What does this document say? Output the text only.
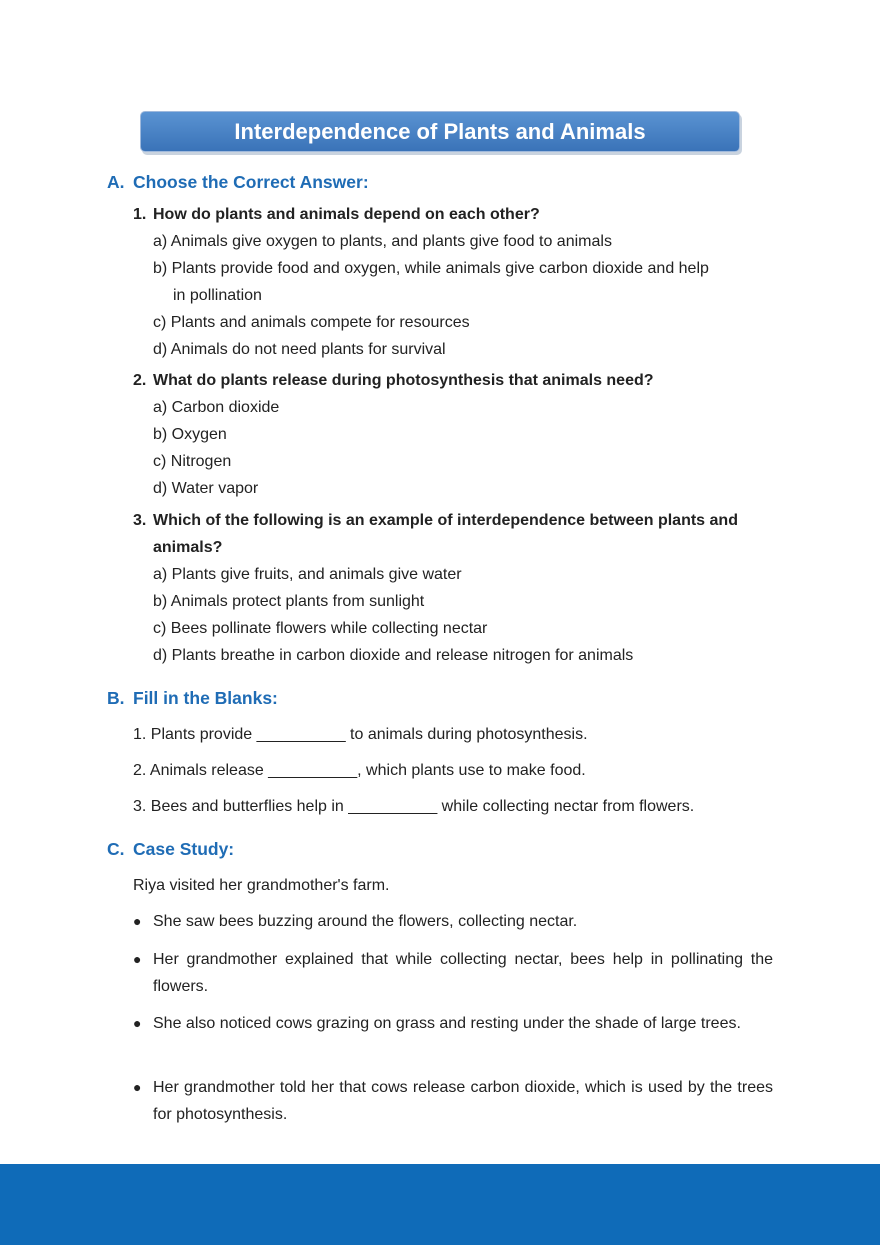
Interdependence of Plants and Animals
A. Choose the Correct Answer:
1. How do plants and animals depend on each other?
a) Animals give oxygen to plants, and plants give food to animals
b) Plants provide food and oxygen, while animals give carbon dioxide and help
in pollination
c) Plants and animals compete for resources
d) Animals do not need plants for survival
2. What do plants release during photosynthesis that animals need?
a) Carbon dioxide
b) Oxygen
c) Nitrogen
d) Water vapor
3. Which of the following is an example of interdependence between plants and
animals?
a) Plants give fruits, and animals give water
b) Animals protect plants from sunlight
c) Bees pollinate flowers while collecting nectar
d) Plants breathe in carbon dioxide and release nitrogen for animals
B. Fill in the Blanks:
1. Plants provide __________ to animals during photosynthesis.
2. Animals release __________, which plants use to make food.
3. Bees and butterflies help in __________ while collecting nectar from flowers.
C. Case Study:
Riya visited her grandmother's farm.
● She saw bees buzzing around the flowers, collecting nectar.
● Her grandmother explained that while collecting nectar, bees help in pollinating the flowers.
● She also noticed cows grazing on grass and resting under the shade of large trees.
● Her grandmother told her that cows release carbon dioxide, which is used by the trees for photosynthesis.
